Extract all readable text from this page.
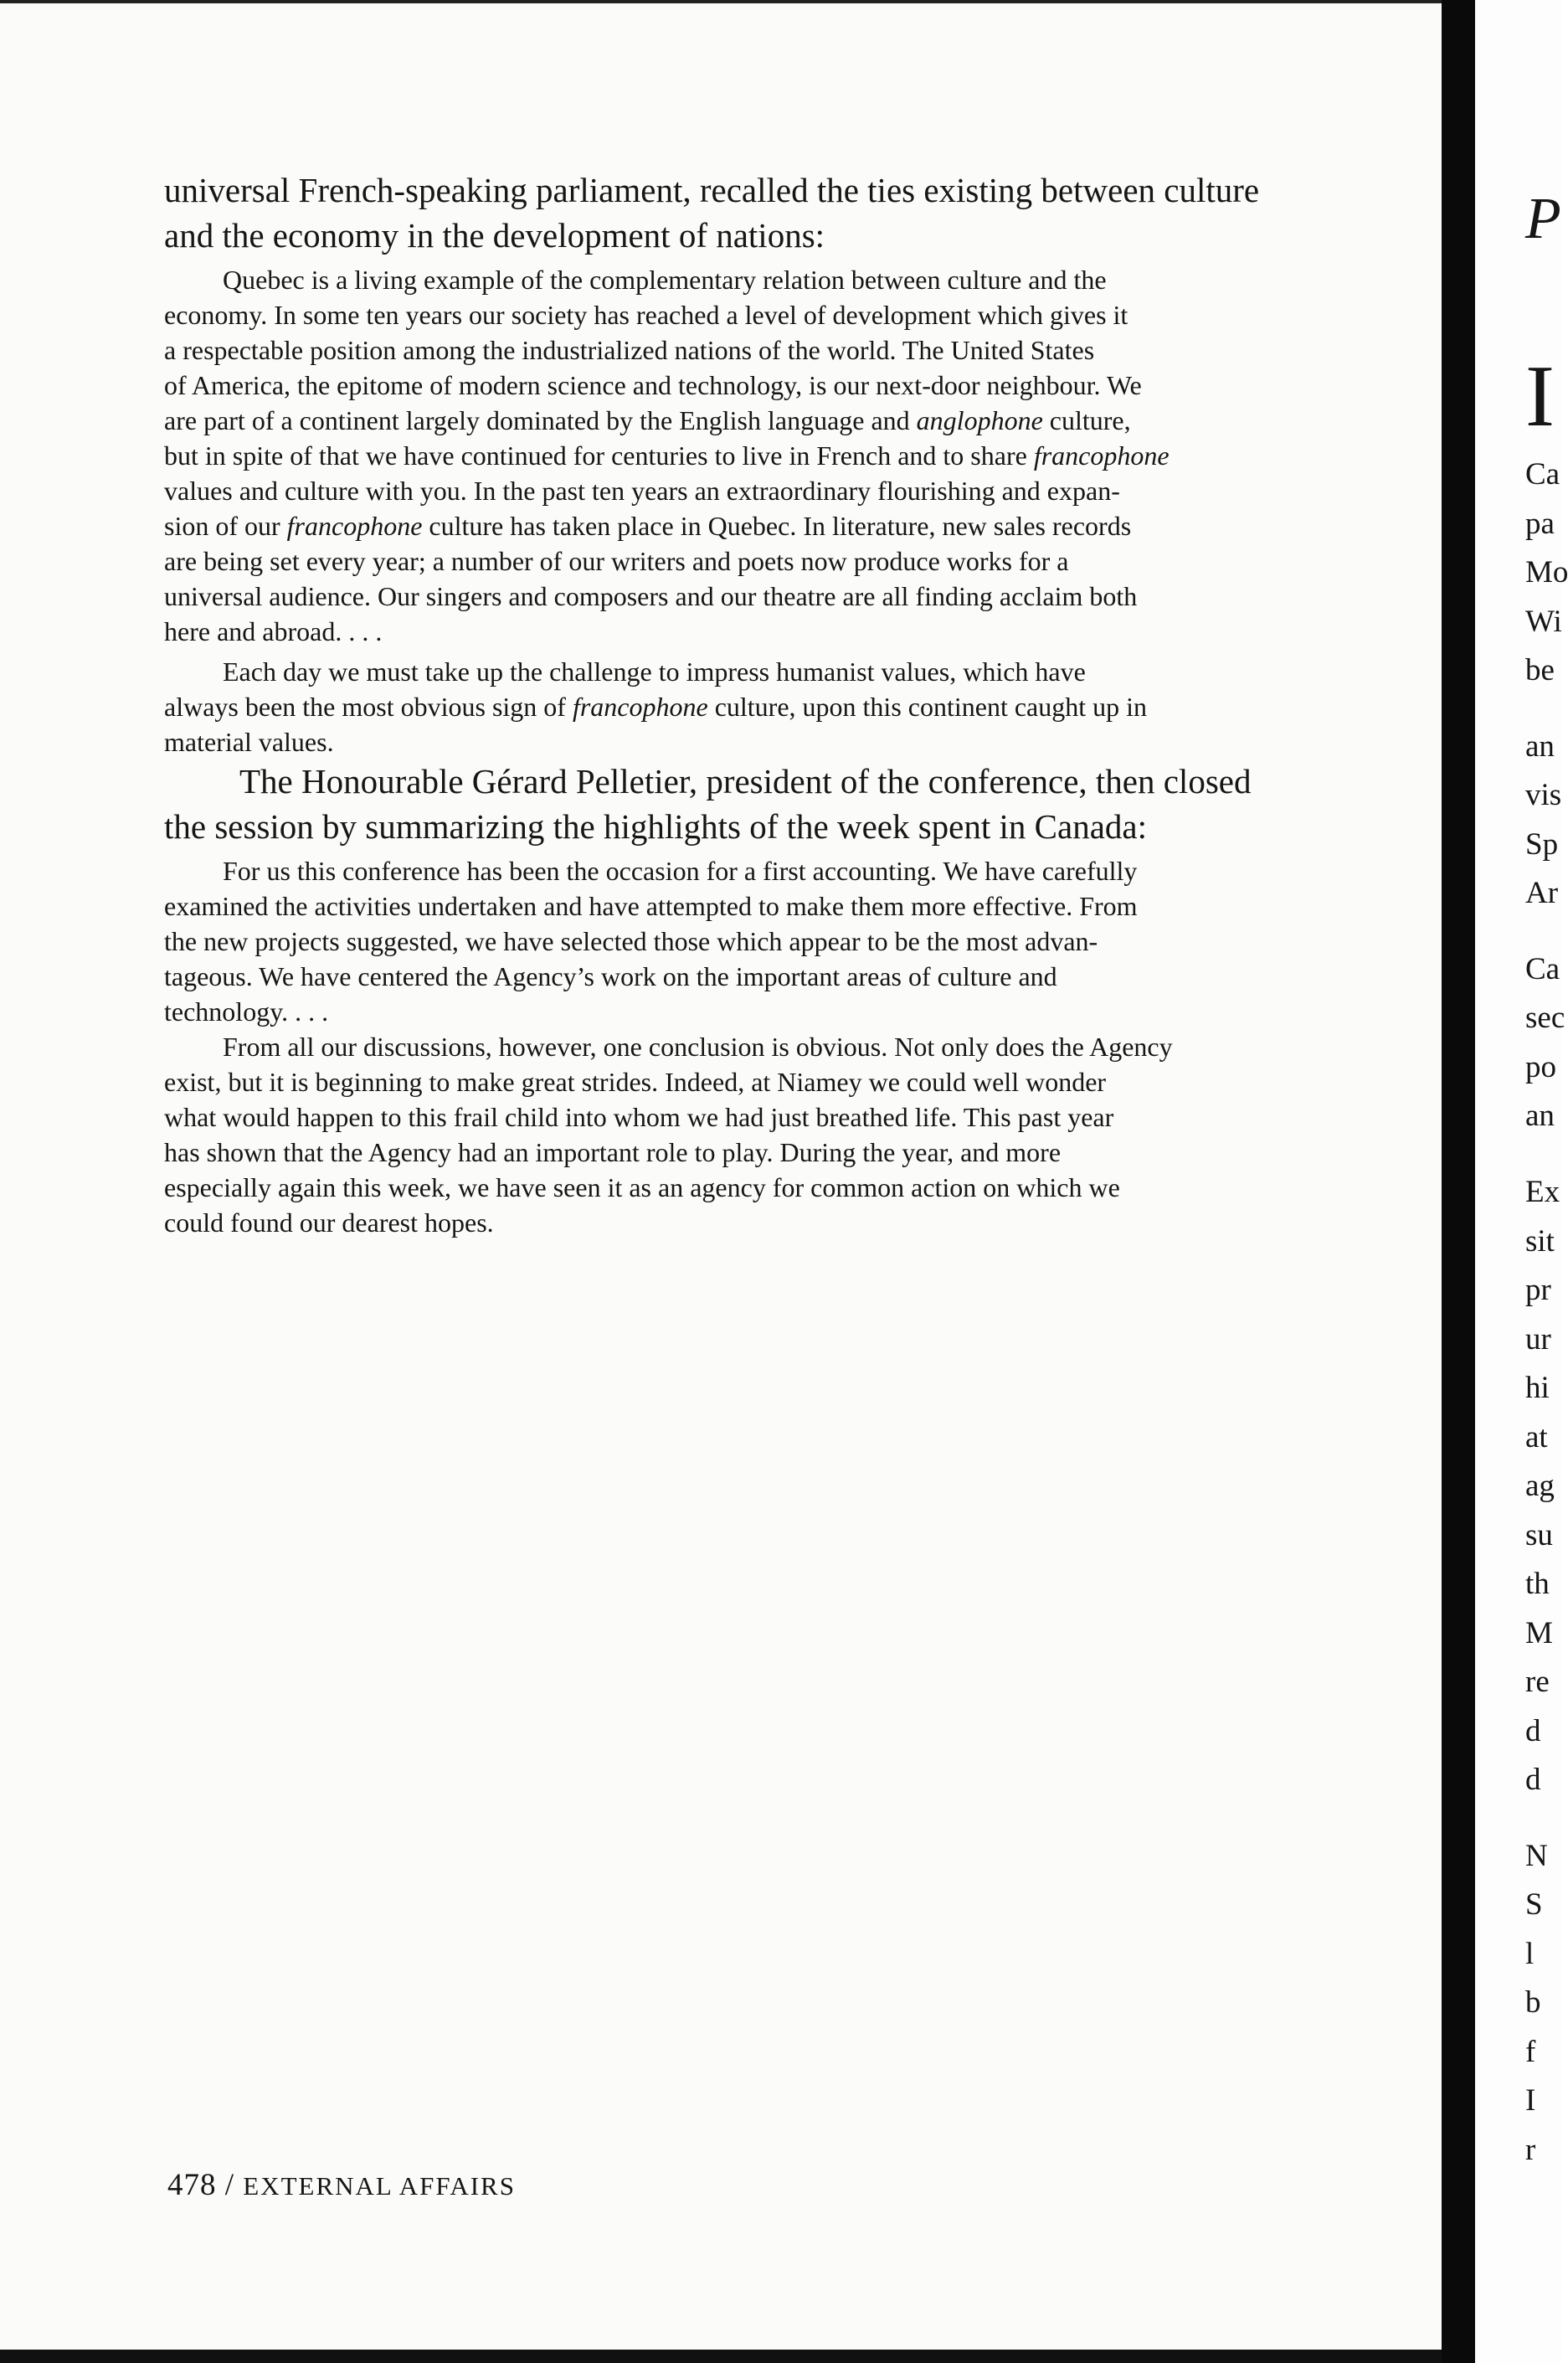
universal French-speaking parliament, recalled the ties existing between culture

and the economy in the development of nations:

Quebec is a living example of the complementary relation between culture and the

economy. In some ten years our society has reached a level of development which gives it

a respectable position among the industrialized nations of the world. The United States

of America, the epitome of modern science and technology, is our next-door neighbour. We

are part of a continent largely dominated by the English language and anglophone culture,

but in spite of that we have continued for centuries to live in French and to share francophone

values and culture with you. In the past ten years an extraordinary flourishing and expan-

sion of our francophone culture has taken place in Quebec. In literature, new sales records

are being set every year; a number of our writers and poets now produce works for a

universal audience. Our singers and composers and our theatre are all finding acclaim both

here and abroad. . . .

Each day we must take up the challenge to impress humanist values, which have

always been the most obvious sign of francophone culture, upon this continent caught up in

material values.

The Honourable Gérard Pelletier, president of the conference, then closed

the session by summarizing the highlights of the week spent in Canada:

For us this conference has been the occasion for a first accounting. We have carefully

examined the activities undertaken and have attempted to make them more effective. From

the new projects suggested, we have selected those which appear to be the most advan-

tageous. We have centered the Agency’s work on the important areas of culture and

technology. . . .

From all our discussions, however, one conclusion is obvious. Not only does the Agency

exist, but it is beginning to make great strides. Indeed, at Niamey we could well wonder

what would happen to this frail child into whom we had just breathed life. This past year

has shown that the Agency had an important role to play. During the year, and more

especially again this week, we have seen it as an agency for common action on which we

could found our dearest hopes.

478 / EXTERNAL AFFAIRS
P
I
Ca
pa
Mo
Wi
be
an
vis
Sp
Ar
Ca
sec
po
an
Ex
sit
pr
ur
hi
at
ag
su
th
M
re
d
d
N
S
l
b
f
I
r
